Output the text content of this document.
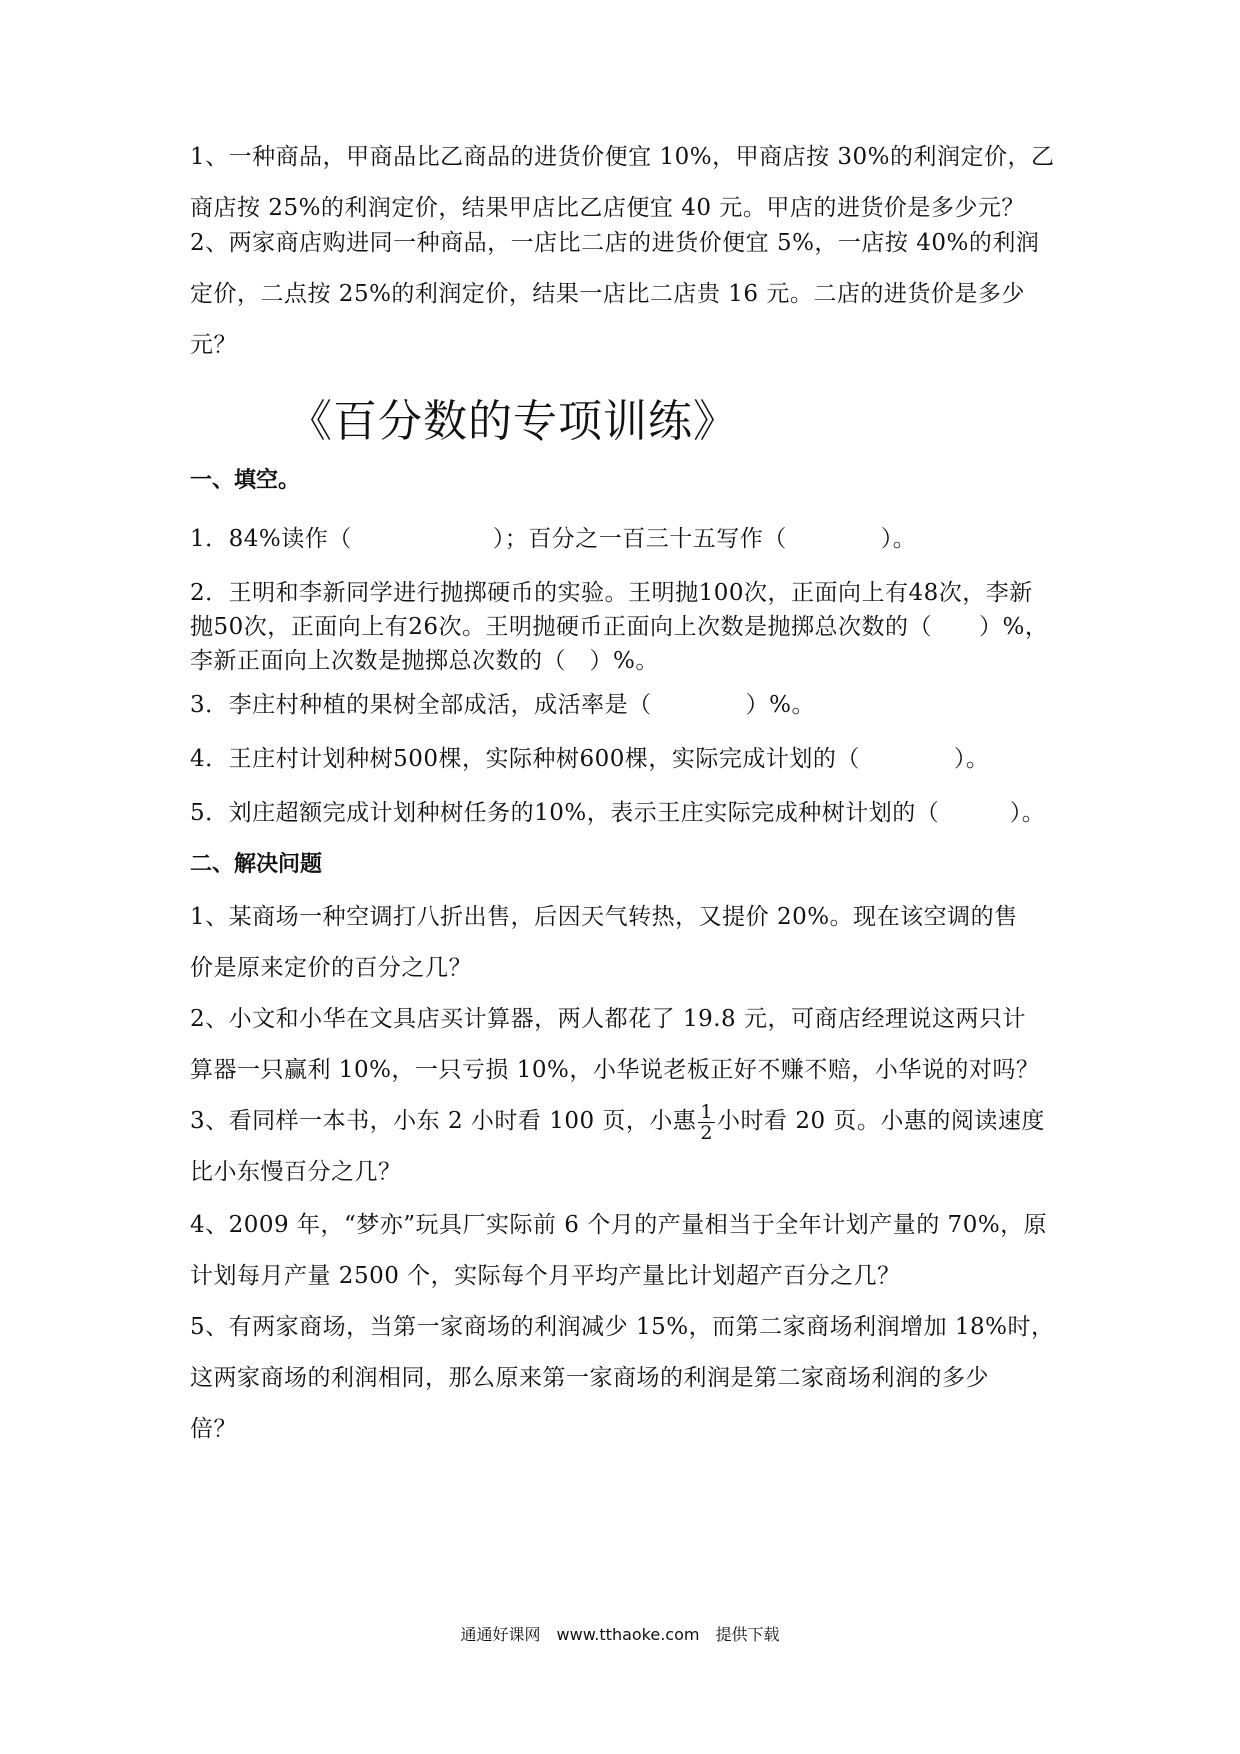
1、一种商品，甲商品比乙商品的进货价便宜 10%，甲商店按 30%的利润定价，乙
商店按 25%的利润定价，结果甲店比乙店便宜 40 元。甲店的进货价是多少元？

2、两家商店购进同一种商品，一店比二店的进货价便宜 5%，一店按 40%的利润
定价，二点按 25%的利润定价，结果一店比二店贵 16 元。二店的进货价是多少
元？

《百分数的专项训练》
一、填空。

1．84%读作（　　　　　　）；百分之一百三十五写作（　　　　）。

2．王明和李新同学进行抛掷硬币的实验。王明抛100次，正面向上有48次，李新
抛50次，正面向上有26次。王明抛硬币正面向上次数是抛掷总次数的（　　）%，
李新正面向上次数是抛掷总次数的（　）%。

3．李庄村种植的果树全部成活，成活率是（　　　　）%。

4．王庄村计划种树500棵，实际种树600棵，实际完成计划的（　　　　）。

5．刘庄超额完成计划种树任务的10%，表示王庄实际完成种树计划的（　　　）。

二、解决问题

1、某商场一种空调打八折出售，后因天气转热，又提价 20%。现在该空调的售
价是原来定价的百分之几？

2、小文和小华在文具店买计算器，两人都花了 19.8 元，可商店经理说这两只计
算器一只赢利 10%，一只亏损 10%，小华说老板正好不赚不赔，小华说的对吗？

3、看同样一本书，小东 2 小时看 100 页，小惠 $\frac{1}{2}$ 小时看 20 页。小惠的阅读速度
比小东慢百分之几？

4、2009 年，“梦亦”玩具厂实际前 6 个月的产量相当于全年计划产量的 70%，原
计划每月产量 2500 个，实际每个月平均产量比计划超产百分之几？

5、有两家商场，当第一家商场的利润减少 15%，而第二家商场利润增加 18%时，
这两家商场的利润相同，那么原来第一家商场的利润是第二家商场利润的多少
倍？

通通好课网　www.tthaoke.com　提供下载
